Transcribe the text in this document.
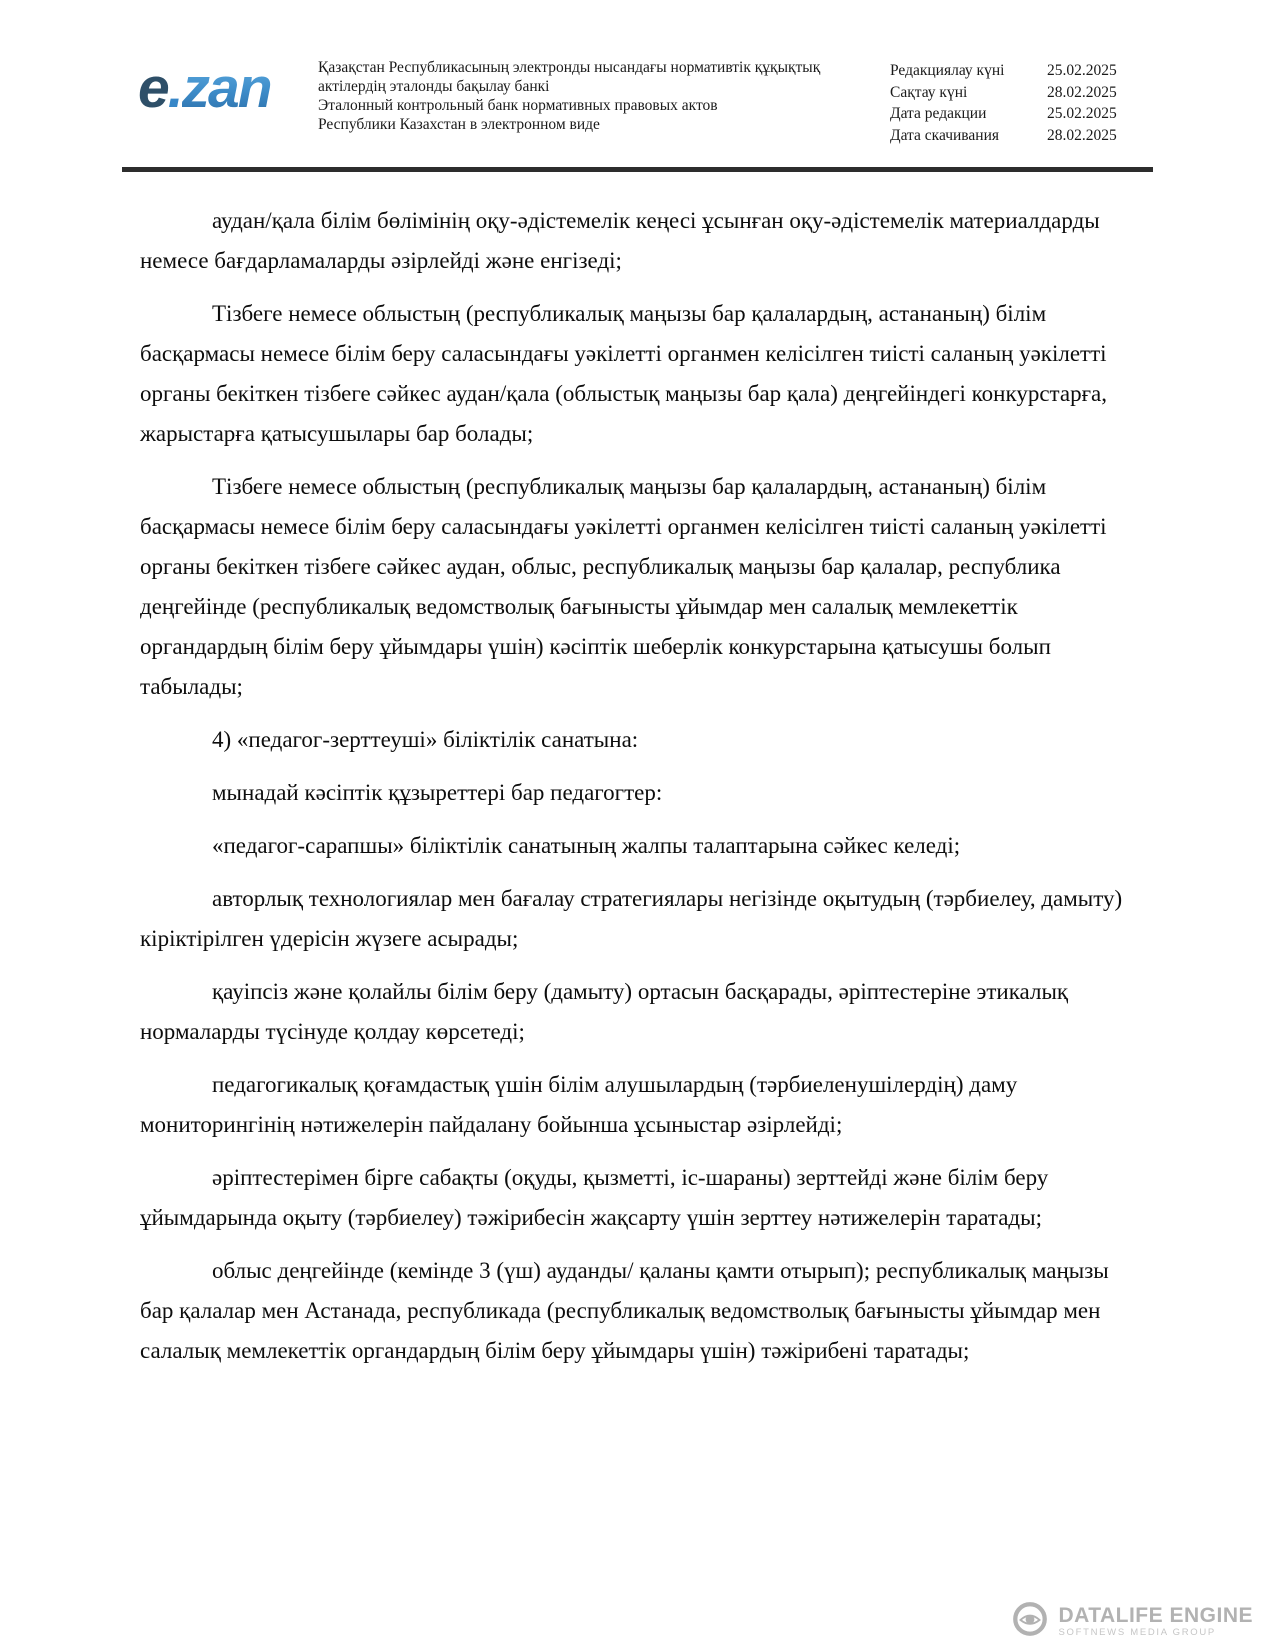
e.zan	Қазақстан Республикасының электронды нысандағы нормативтік құқықтық
актілердің эталонды бақылау банкі
Эталонный контрольный банк нормативных правовых актов
Республики Казахстан в электронном виде
Редакциялау күні	25.02.2025
Сақтау күні	28.02.2025
Дата редакции	25.02.2025
Дата скачивания	28.02.2025

аудан/қала білім бөлімінің оқу-әдістемелік кеңесі ұсынған оқу-әдістемелік материалдарды немесе бағдарламаларды әзірлейді және енгізеді;

Тізбеге немесе облыстың (республикалық маңызы бар қалалардың, астананың) білім басқармасы немесе білім беру саласындағы уәкілетті органмен келісілген тиісті саланың уәкілетті органы бекіткен тізбеге сәйкес аудан/қала (облыстық маңызы бар қала) деңгейіндегі конкурстарға, жарыстарға қатысушылары бар болады;

Тізбеге немесе облыстың (республикалық маңызы бар қалалардың, астананың) білім басқармасы немесе білім беру саласындағы уәкілетті органмен келісілген тиісті саланың уәкілетті органы бекіткен тізбеге сәйкес аудан, облыс, республикалық маңызы бар қалалар, республика деңгейінде (республикалық ведомстволық бағынысты ұйымдар мен салалық мемлекеттік органдардың білім беру ұйымдары үшін) кәсіптік шеберлік конкурстарына қатысушы болып табылады;

4) «педагог-зерттеуші» біліктілік санатына:

мынадай кәсіптік құзыреттері бар педагогтер:

«педагог-сарапшы» біліктілік санатының жалпы талаптарына сәйкес келеді;

авторлық технологиялар мен бағалау стратегиялары негізінде оқытудың (тәрбиелеу, дамыту) кіріктірілген үдерісін жүзеге асырады;

қауіпсіз және қолайлы білім беру (дамыту) ортасын басқарады, әріптестеріне этикалық нормаларды түсінуде қолдау көрсетеді;

педагогикалық қоғамдастық үшін білім алушылардың (тәрбиеленушілердің) даму мониторингінің нәтижелерін пайдалану бойынша ұсыныстар әзірлейді;

әріптестерімен бірге сабақты (оқуды, қызметті, іс-шараны) зерттейді және білім беру ұйымдарында оқыту (тәрбиелеу) тәжірибесін жақсарту үшін зерттеу нәтижелерін таратады;

облыс деңгейінде (кемінде 3 (үш) ауданды/ қаланы қамти отырып); республикалық маңызы бар қалалар мен Астанада, республикада (республикалық ведомстволық бағынысты ұйымдар мен салалық мемлекеттік органдардың білім беру ұйымдары үшін) тәжірибені таратады;

DATALIFE ENGINE
SOFTNEWS MEDIA GROUP
